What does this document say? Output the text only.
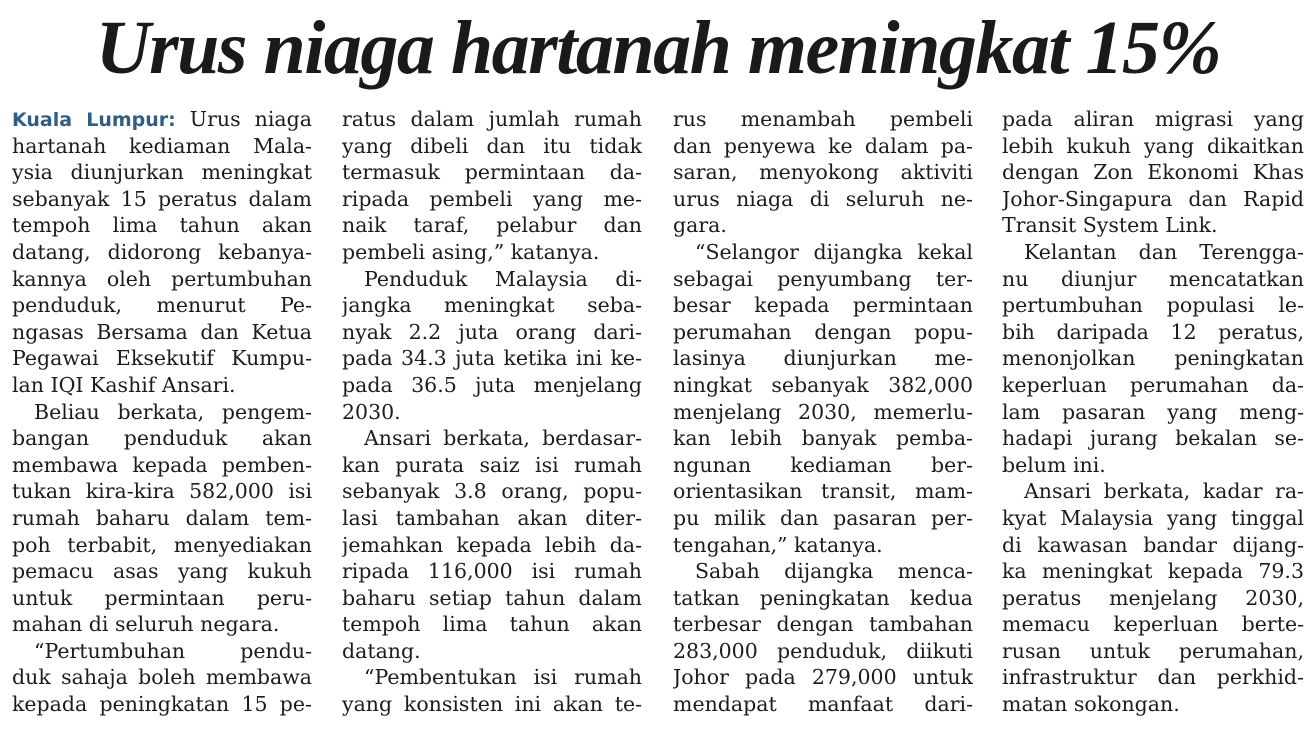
Urus niaga hartanah meningkat 15%
Kuala Lumpur: Urus niaga
hartanah kediaman Mala-
ysia diunjurkan meningkat
sebanyak 15 peratus dalam
tempoh lima tahun akan
datang, didorong kebanya-
kannya oleh pertumbuhan
penduduk, menurut Pe-
ngasas Bersama dan Ketua
Pegawai Eksekutif Kumpu-
lan IQI Kashif Ansari.
Beliau berkata, pengem-
bangan penduduk akan
membawa kepada pemben-
tukan kira-kira 582,000 isi
rumah baharu dalam tem-
poh terbabit, menyediakan
pemacu asas yang kukuh
untuk permintaan peru-
mahan di seluruh negara.
“Pertumbuhan pendu-
duk sahaja boleh membawa
kepada peningkatan 15 pe-
ratus dalam jumlah rumah
yang dibeli dan itu tidak
termasuk permintaan da-
ripada pembeli yang me-
naik taraf, pelabur dan
pembeli asing,” katanya.
Penduduk Malaysia di-
jangka meningkat seba-
nyak 2.2 juta orang dari-
pada 34.3 juta ketika ini ke-
pada 36.5 juta menjelang
2030.
Ansari berkata, berdasar-
kan purata saiz isi rumah
sebanyak 3.8 orang, popu-
lasi tambahan akan diter-
jemahkan kepada lebih da-
ripada 116,000 isi rumah
baharu setiap tahun dalam
tempoh lima tahun akan
datang.
“Pembentukan isi rumah
yang konsisten ini akan te-
rus menambah pembeli
dan penyewa ke dalam pa-
saran, menyokong aktiviti
urus niaga di seluruh ne-
gara.
“Selangor dijangka kekal
sebagai penyumbang ter-
besar kepada permintaan
perumahan dengan popu-
lasinya diunjurkan me-
ningkat sebanyak 382,000
menjelang 2030, memerlu-
kan lebih banyak pemba-
ngunan kediaman ber-
orientasikan transit, mam-
pu milik dan pasaran per-
tengahan,” katanya.
Sabah dijangka menca-
tatkan peningkatan kedua
terbesar dengan tambahan
283,000 penduduk, diikuti
Johor pada 279,000 untuk
mendapat manfaat dari-
pada aliran migrasi yang
lebih kukuh yang dikaitkan
dengan Zon Ekonomi Khas
Johor-Singapura dan Rapid
Transit System Link.
Kelantan dan Terengga-
nu diunjur mencatatkan
pertumbuhan populasi le-
bih daripada 12 peratus,
menonjolkan peningkatan
keperluan perumahan da-
lam pasaran yang meng-
hadapi jurang bekalan se-
belum ini.
Ansari berkata, kadar ra-
kyat Malaysia yang tinggal
di kawasan bandar dijang-
ka meningkat kepada 79.3
peratus menjelang 2030,
memacu keperluan berte-
rusan untuk perumahan,
infrastruktur dan perkhid-
matan sokongan.
